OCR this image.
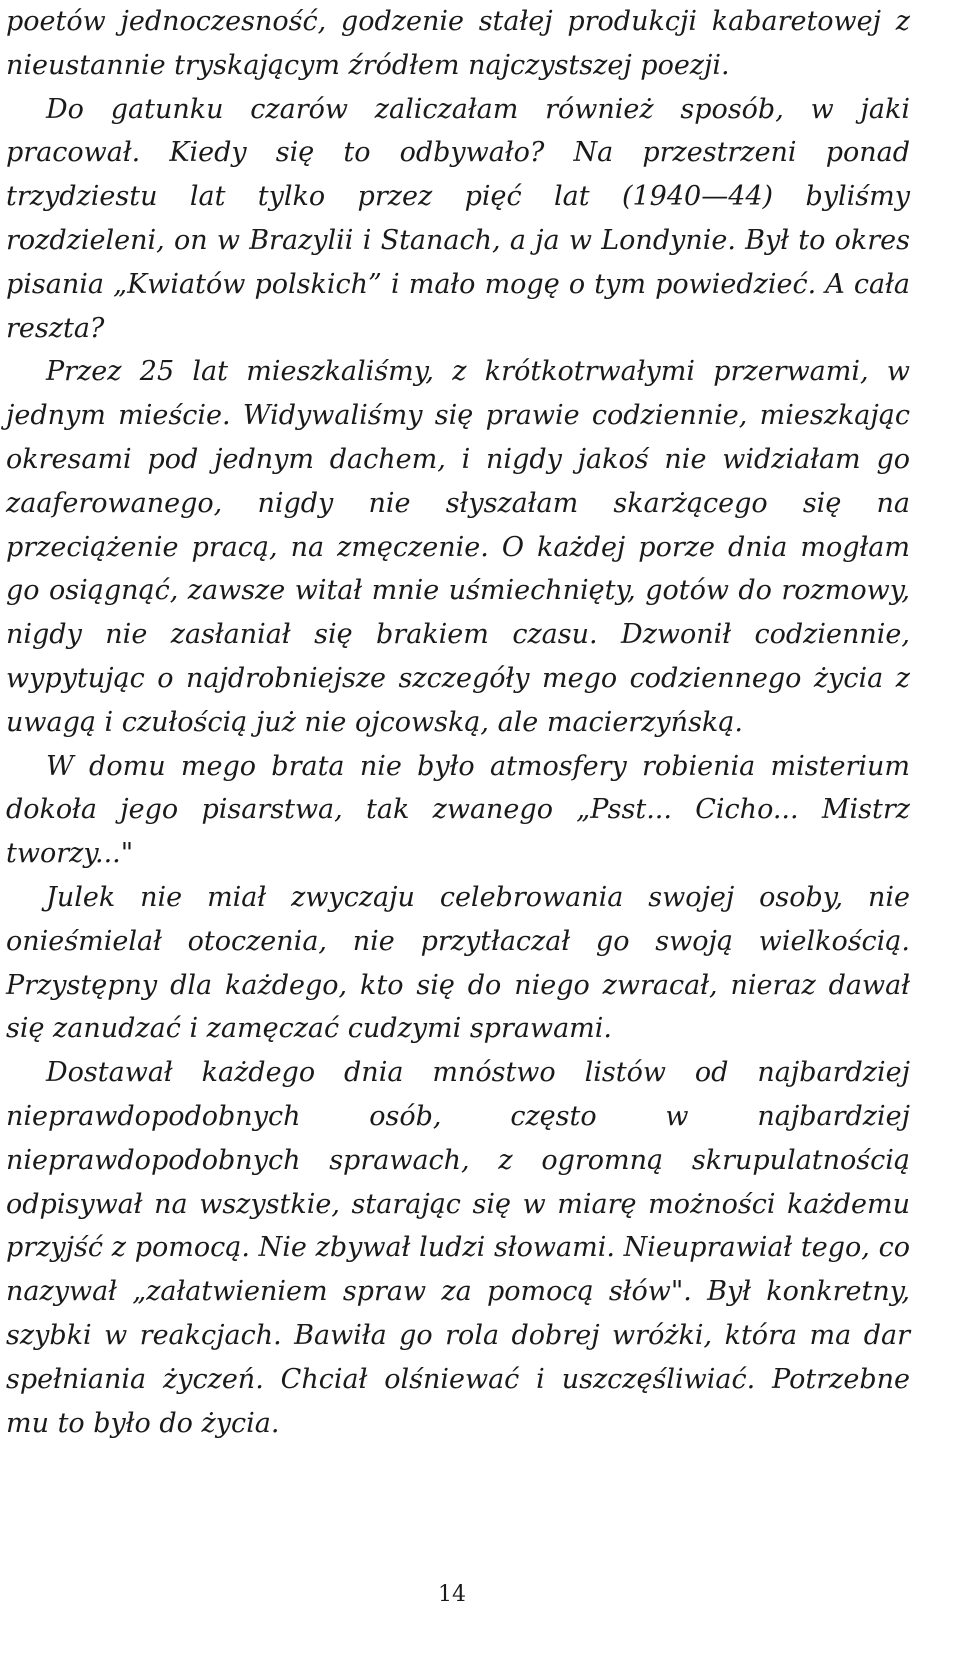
poetów jednoczesność, godzenie stałej produkcji kabaretowej z nieustannie tryskającym źródłem najczystszej poezji.

Do gatunku czarów zaliczałam również sposób, w jaki pracował. Kiedy się to odbywało? Na przestrzeni ponad trzydziestu lat tylko przez pięć lat (1940—44) byliśmy rozdzieleni, on w Brazylii i Stanach, a ja w Londynie. Był to okres pisania „Kwiatów polskich” i mało mogę o tym powiedzieć. A cała reszta?

Przez 25 lat mieszkaliśmy, z krótkotrwałymi przerwami, w jednym mieście. Widywaliśmy się prawie codziennie, mieszkając okresami pod jednym dachem, i nigdy jakoś nie widziałam go zaaferowanego, nigdy nie słyszałam skarżącego się na przeciążenie pracą, na zmęczenie. O każdej porze dnia mogłam go osiągnąć, zawsze witał mnie uśmiechnięty, gotów do rozmowy, nigdy nie zasłaniał się brakiem czasu. Dzwonił codziennie, wypytując o najdrobniejsze szczegóły mego codziennego życia z uwagą i czułością już nie ojcowską, ale macierzyńską.

W domu mego brata nie było atmosfery robienia misterium dokoła jego pisarstwa, tak zwanego „Psst... Cicho... Mistrz tworzy..."

Julek nie miał zwyczaju celebrowania swojej osoby, nie onieśmielał otoczenia, nie przytłaczał go swoją wielkością. Przystępny dla każdego, kto się do niego zwracał, nieraz dawał się zanudzać i zamęczać cudzymi sprawami.

Dostawał każdego dnia mnóstwo listów od najbardziej nieprawdopodobnych osób, często w najbardziej nieprawdopodobnych sprawach, z ogromną skrupulatnością odpisywał na wszystkie, starając się w miarę możności każdemu przyjść z pomocą. Nie zbywał ludzi słowami. Nieuprawiał tego, co nazywał „załatwieniem spraw za pomocą słów". Był konkretny, szybki w reakcjach. Bawiła go rola dobrej wróżki, która ma dar spełniania życzeń. Chciał olśniewać i uszczęśliwiać. Potrzebne mu to było do życia.

14
